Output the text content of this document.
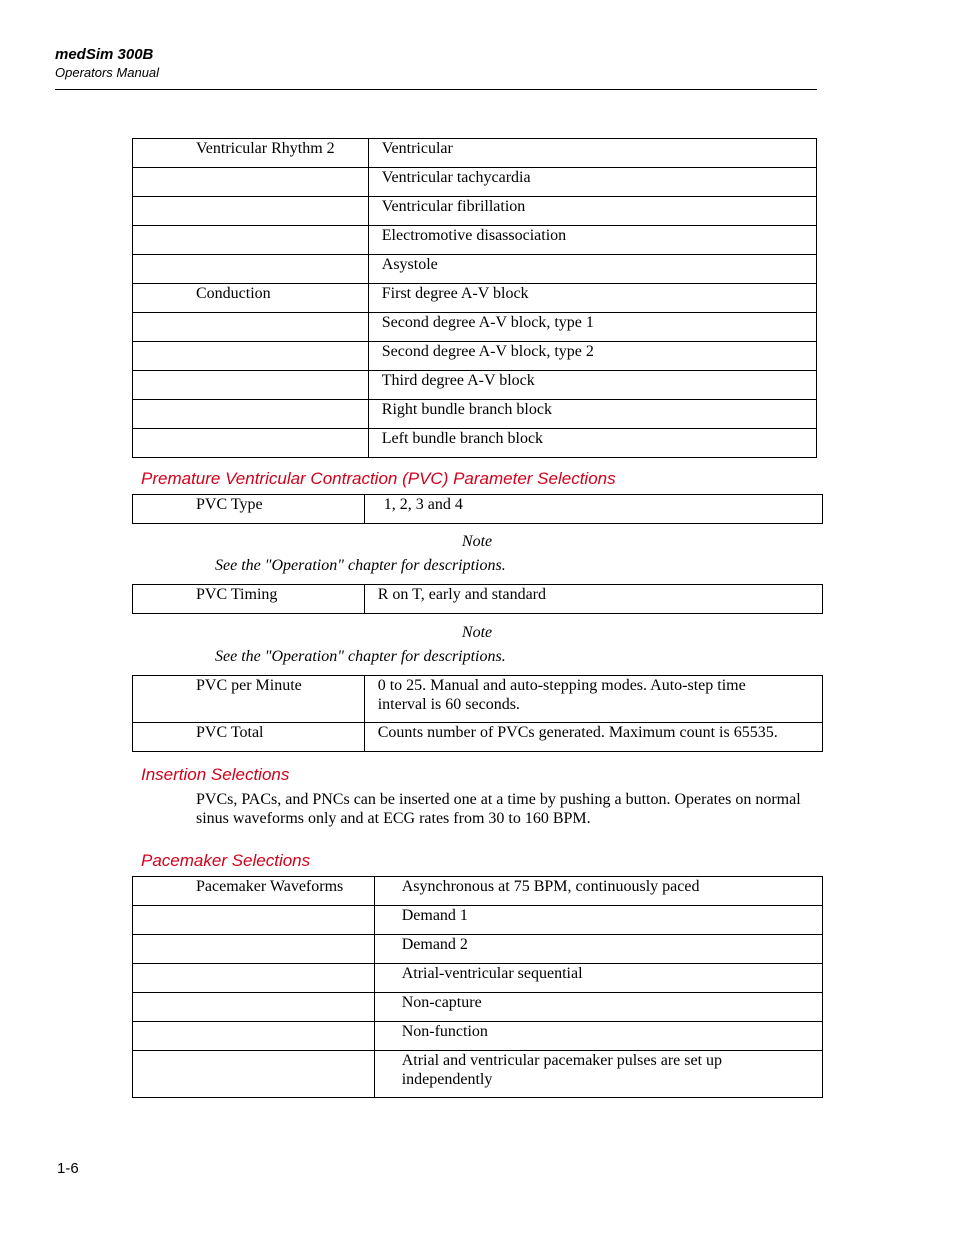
medSim 300B
Operators Manual
Ventricular Rhythm 2	Ventricular
	Ventricular tachycardia
	Ventricular fibrillation
	Electromotive disassociation
	Asystole
Conduction	First degree A-V block
	Second degree A-V block, type 1
	Second degree A-V block, type 2
	Third degree A-V block
	Right bundle branch block
	Left bundle branch block
Premature Ventricular Contraction (PVC) Parameter Selections
PVC Type	1, 2, 3 and 4
Note
See the "Operation" chapter for descriptions.
PVC Timing	R on T, early and standard
Note
See the "Operation" chapter for descriptions.
PVC per Minute	0 to 25. Manual and auto-stepping modes. Auto-step time interval is 60 seconds.
PVC Total	Counts number of PVCs generated. Maximum count is 65535.
Insertion Selections
PVCs, PACs, and PNCs can be inserted one at a time by pushing a button. Operates on normal sinus waveforms only and at ECG rates from 30 to 160 BPM.
Pacemaker Selections
Pacemaker Waveforms	Asynchronous at 75 BPM, continuously paced
	Demand 1
	Demand 2
	Atrial-ventricular sequential
	Non-capture
	Non-function
	Atrial and ventricular pacemaker pulses are set up independently
1-6
